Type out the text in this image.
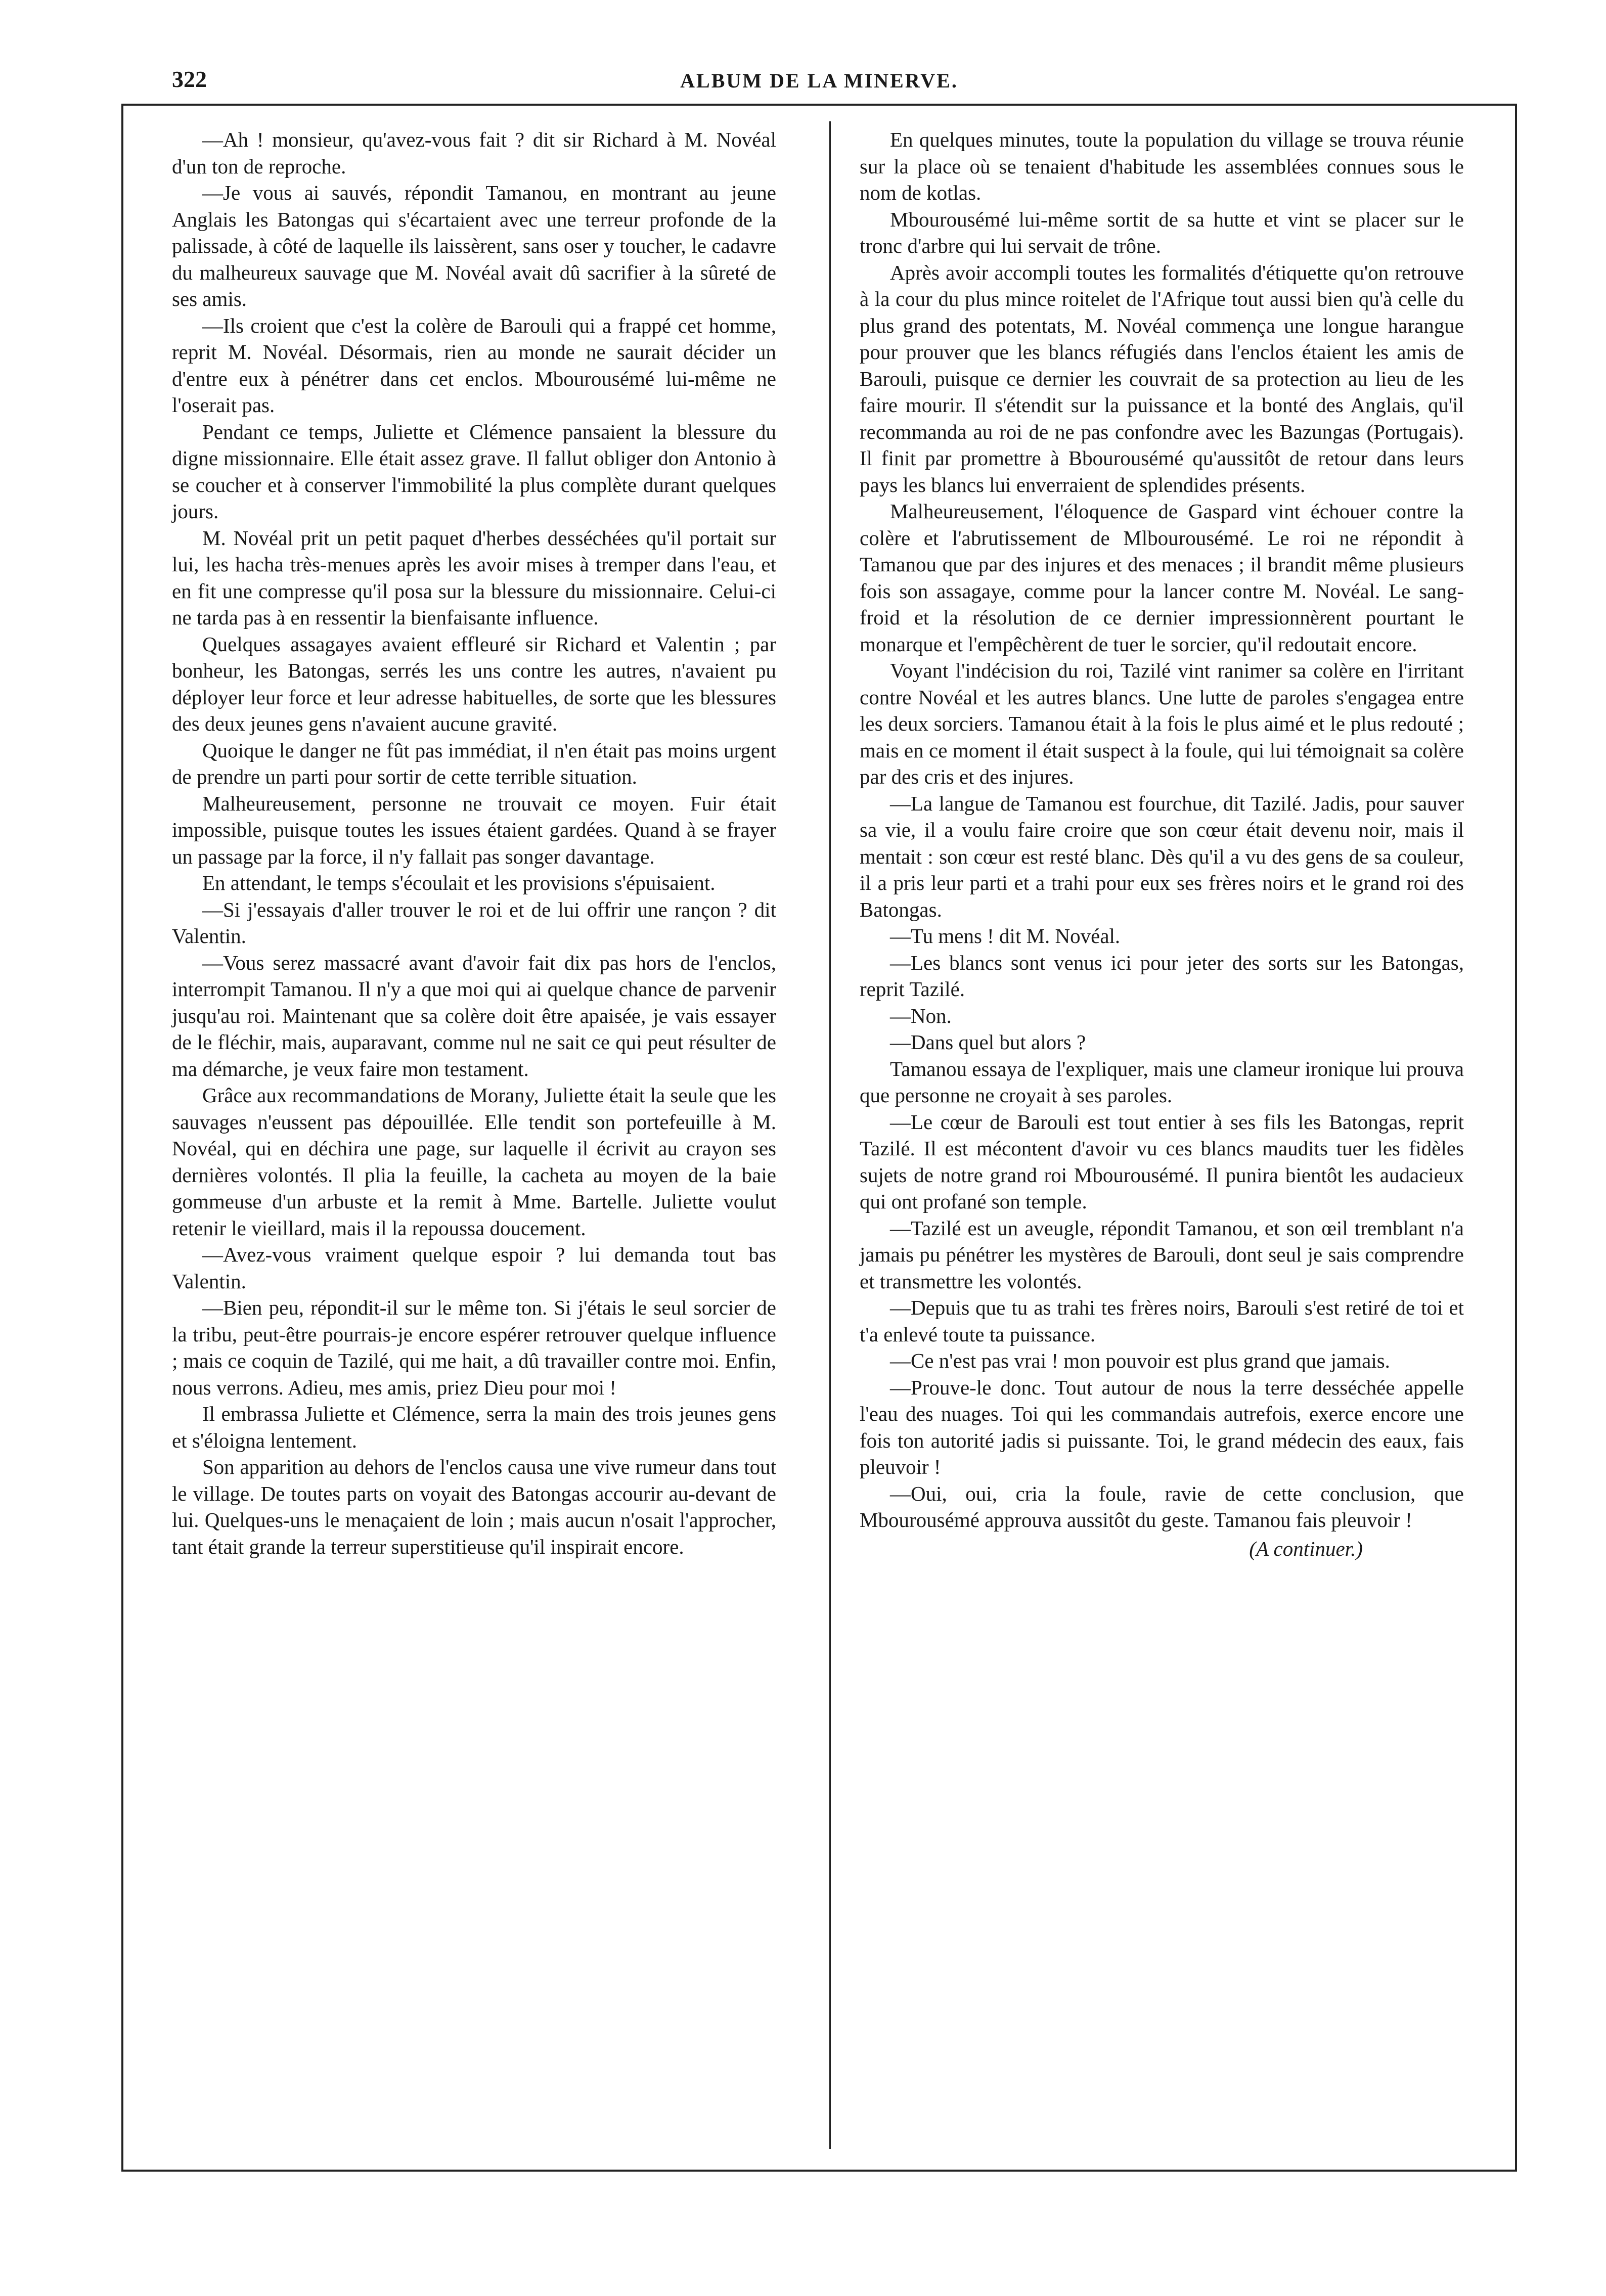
322	ALBUM DE LA MINERVE.

—Ah ! monsieur, qu'avez-vous fait ? dit sir Richard à M. Novéal d'un ton de reproche.

—Je vous ai sauvés, répondit Tamanou, en montrant au jeune Anglais les Batongas qui s'écartaient avec une terreur profonde de la palissade, à côté de laquelle ils laissèrent, sans oser y toucher, le cadavre du malheureux sauvage que M. Novéal avait dû sacrifier à la sûreté de ses amis.

—Ils croient que c'est la colère de Barouli qui a frappé cet homme, reprit M. Novéal. Désormais, rien au monde ne saurait décider un d'entre eux à pénétrer dans cet enclos. Mbourousémé lui-même ne l'oserait pas.

Pendant ce temps, Juliette et Clémence pansaient la blessure du digne missionnaire. Elle était assez grave. Il fallut obliger don Antonio à se coucher et à conserver l'immobilité la plus complète durant quelques jours.

M. Novéal prit un petit paquet d'herbes desséchées qu'il portait sur lui, les hacha très-menues après les avoir mises à tremper dans l'eau, et en fit une compresse qu'il posa sur la blessure du missionnaire. Celui-ci ne tarda pas à en ressentir la bienfaisante influence.

Quelques assagayes avaient effleuré sir Richard et Valentin ; par bonheur, les Batongas, serrés les uns contre les autres, n'avaient pu déployer leur force et leur adresse habituelles, de sorte que les blessures des deux jeunes gens n'avaient aucune gravité.

Quoique le danger ne fût pas immédiat, il n'en était pas moins urgent de prendre un parti pour sortir de cette terrible situation.

Malheureusement, personne ne trouvait ce moyen. Fuir était impossible, puisque toutes les issues étaient gardées. Quand à se frayer un passage par la force, il n'y fallait pas songer davantage.

En attendant, le temps s'écoulait et les provisions s'épuisaient.

—Si j'essayais d'aller trouver le roi et de lui offrir une rançon ? dit Valentin.

—Vous serez massacré avant d'avoir fait dix pas hors de l'enclos, interrompit Tamanou. Il n'y a que moi qui ai quelque chance de parvenir jusqu'au roi. Maintenant que sa colère doit être apaisée, je vais essayer de le fléchir, mais, auparavant, comme nul ne sait ce qui peut résulter de ma démarche, je veux faire mon testament.

Grâce aux recommandations de Morany, Juliette était la seule que les sauvages n'eussent pas dépouillée. Elle tendit son portefeuille à M. Novéal, qui en déchira une page, sur laquelle il écrivit au crayon ses dernières volontés. Il plia la feuille, la cacheta au moyen de la baie gommeuse d'un arbuste et la remit à Mme. Bartelle. Juliette voulut retenir le vieillard, mais il la repoussa doucement.

—Avez-vous vraiment quelque espoir ? lui demanda tout bas Valentin.

—Bien peu, répondit-il sur le même ton. Si j'étais le seul sorcier de la tribu, peut-être pourrais-je encore espérer retrouver quelque influence ; mais ce coquin de Tazilé, qui me hait, a dû travailler contre moi. Enfin, nous verrons. Adieu, mes amis, priez Dieu pour moi !

Il embrassa Juliette et Clémence, serra la main des trois jeunes gens et s'éloigna lentement.

Son apparition au dehors de l'enclos causa une vive rumeur dans tout le village. De toutes parts on voyait des Batongas accourir au-devant de lui. Quelques-uns le menaçaient de loin ; mais aucun n'osait l'approcher, tant était grande la terreur superstitieuse qu'il inspirait encore.

En quelques minutes, toute la population du village se trouva réunie sur la place où se tenaient d'habitude les assemblées connues sous le nom de kotlas.

Mbourousémé lui-même sortit de sa hutte et vint se placer sur le tronc d'arbre qui lui servait de trône.

Après avoir accompli toutes les formalités d'étiquette qu'on retrouve à la cour du plus mince roitelet de l'Afrique tout aussi bien qu'à celle du plus grand des potentats, M. Novéal commença une longue harangue pour prouver que les blancs réfugiés dans l'enclos étaient les amis de Barouli, puisque ce dernier les couvrait de sa protection au lieu de les faire mourir. Il s'étendit sur la puissance et la bonté des Anglais, qu'il recommanda au roi de ne pas confondre avec les Bazungas (Portugais). Il finit par promettre à Bbourousémé qu'aussitôt de retour dans leurs pays les blancs lui enverraient de splendides présents.

Malheureusement, l'éloquence de Gaspard vint échouer contre la colère et l'abrutissement de Mlbourousémé. Le roi ne répondit à Tamanou que par des injures et des menaces ; il brandit même plusieurs fois son assagaye, comme pour la lancer contre M. Novéal. Le sang-froid et la résolution de ce dernier impressionnèrent pourtant le monarque et l'empêchèrent de tuer le sorcier, qu'il redoutait encore.

Voyant l'indécision du roi, Tazilé vint ranimer sa colère en l'irritant contre Novéal et les autres blancs. Une lutte de paroles s'engagea entre les deux sorciers. Tamanou était à la fois le plus aimé et le plus redouté ; mais en ce moment il était suspect à la foule, qui lui témoignait sa colère par des cris et des injures.

—La langue de Tamanou est fourchue, dit Tazilé. Jadis, pour sauver sa vie, il a voulu faire croire que son cœur était devenu noir, mais il mentait : son cœur est resté blanc. Dès qu'il a vu des gens de sa couleur, il a pris leur parti et a trahi pour eux ses frères noirs et le grand roi des Batongas.

—Tu mens ! dit M. Novéal.

—Les blancs sont venus ici pour jeter des sorts sur les Batongas, reprit Tazilé.

—Non.

—Dans quel but alors ?

Tamanou essaya de l'expliquer, mais une clameur ironique lui prouva que personne ne croyait à ses paroles.

—Le cœur de Barouli est tout entier à ses fils les Batongas, reprit Tazilé. Il est mécontent d'avoir vu ces blancs maudits tuer les fidèles sujets de notre grand roi Mbourousémé. Il punira bientôt les audacieux qui ont profané son temple.

—Tazilé est un aveugle, répondit Tamanou, et son œil tremblant n'a jamais pu pénétrer les mystères de Barouli, dont seul je sais comprendre et transmettre les volontés.

—Depuis que tu as trahi tes frères noirs, Barouli s'est retiré de toi et t'a enlevé toute ta puissance.

—Ce n'est pas vrai ! mon pouvoir est plus grand que jamais.

—Prouve-le donc. Tout autour de nous la terre desséchée appelle l'eau des nuages. Toi qui les commandais autrefois, exerce encore une fois ton autorité jadis si puissante. Toi, le grand médecin des eaux, fais pleuvoir !

—Oui, oui, cria la foule, ravie de cette conclusion, que Mbourousémé approuva aussitôt du geste. Tamanou fais pleuvoir !

(A continuer.)
